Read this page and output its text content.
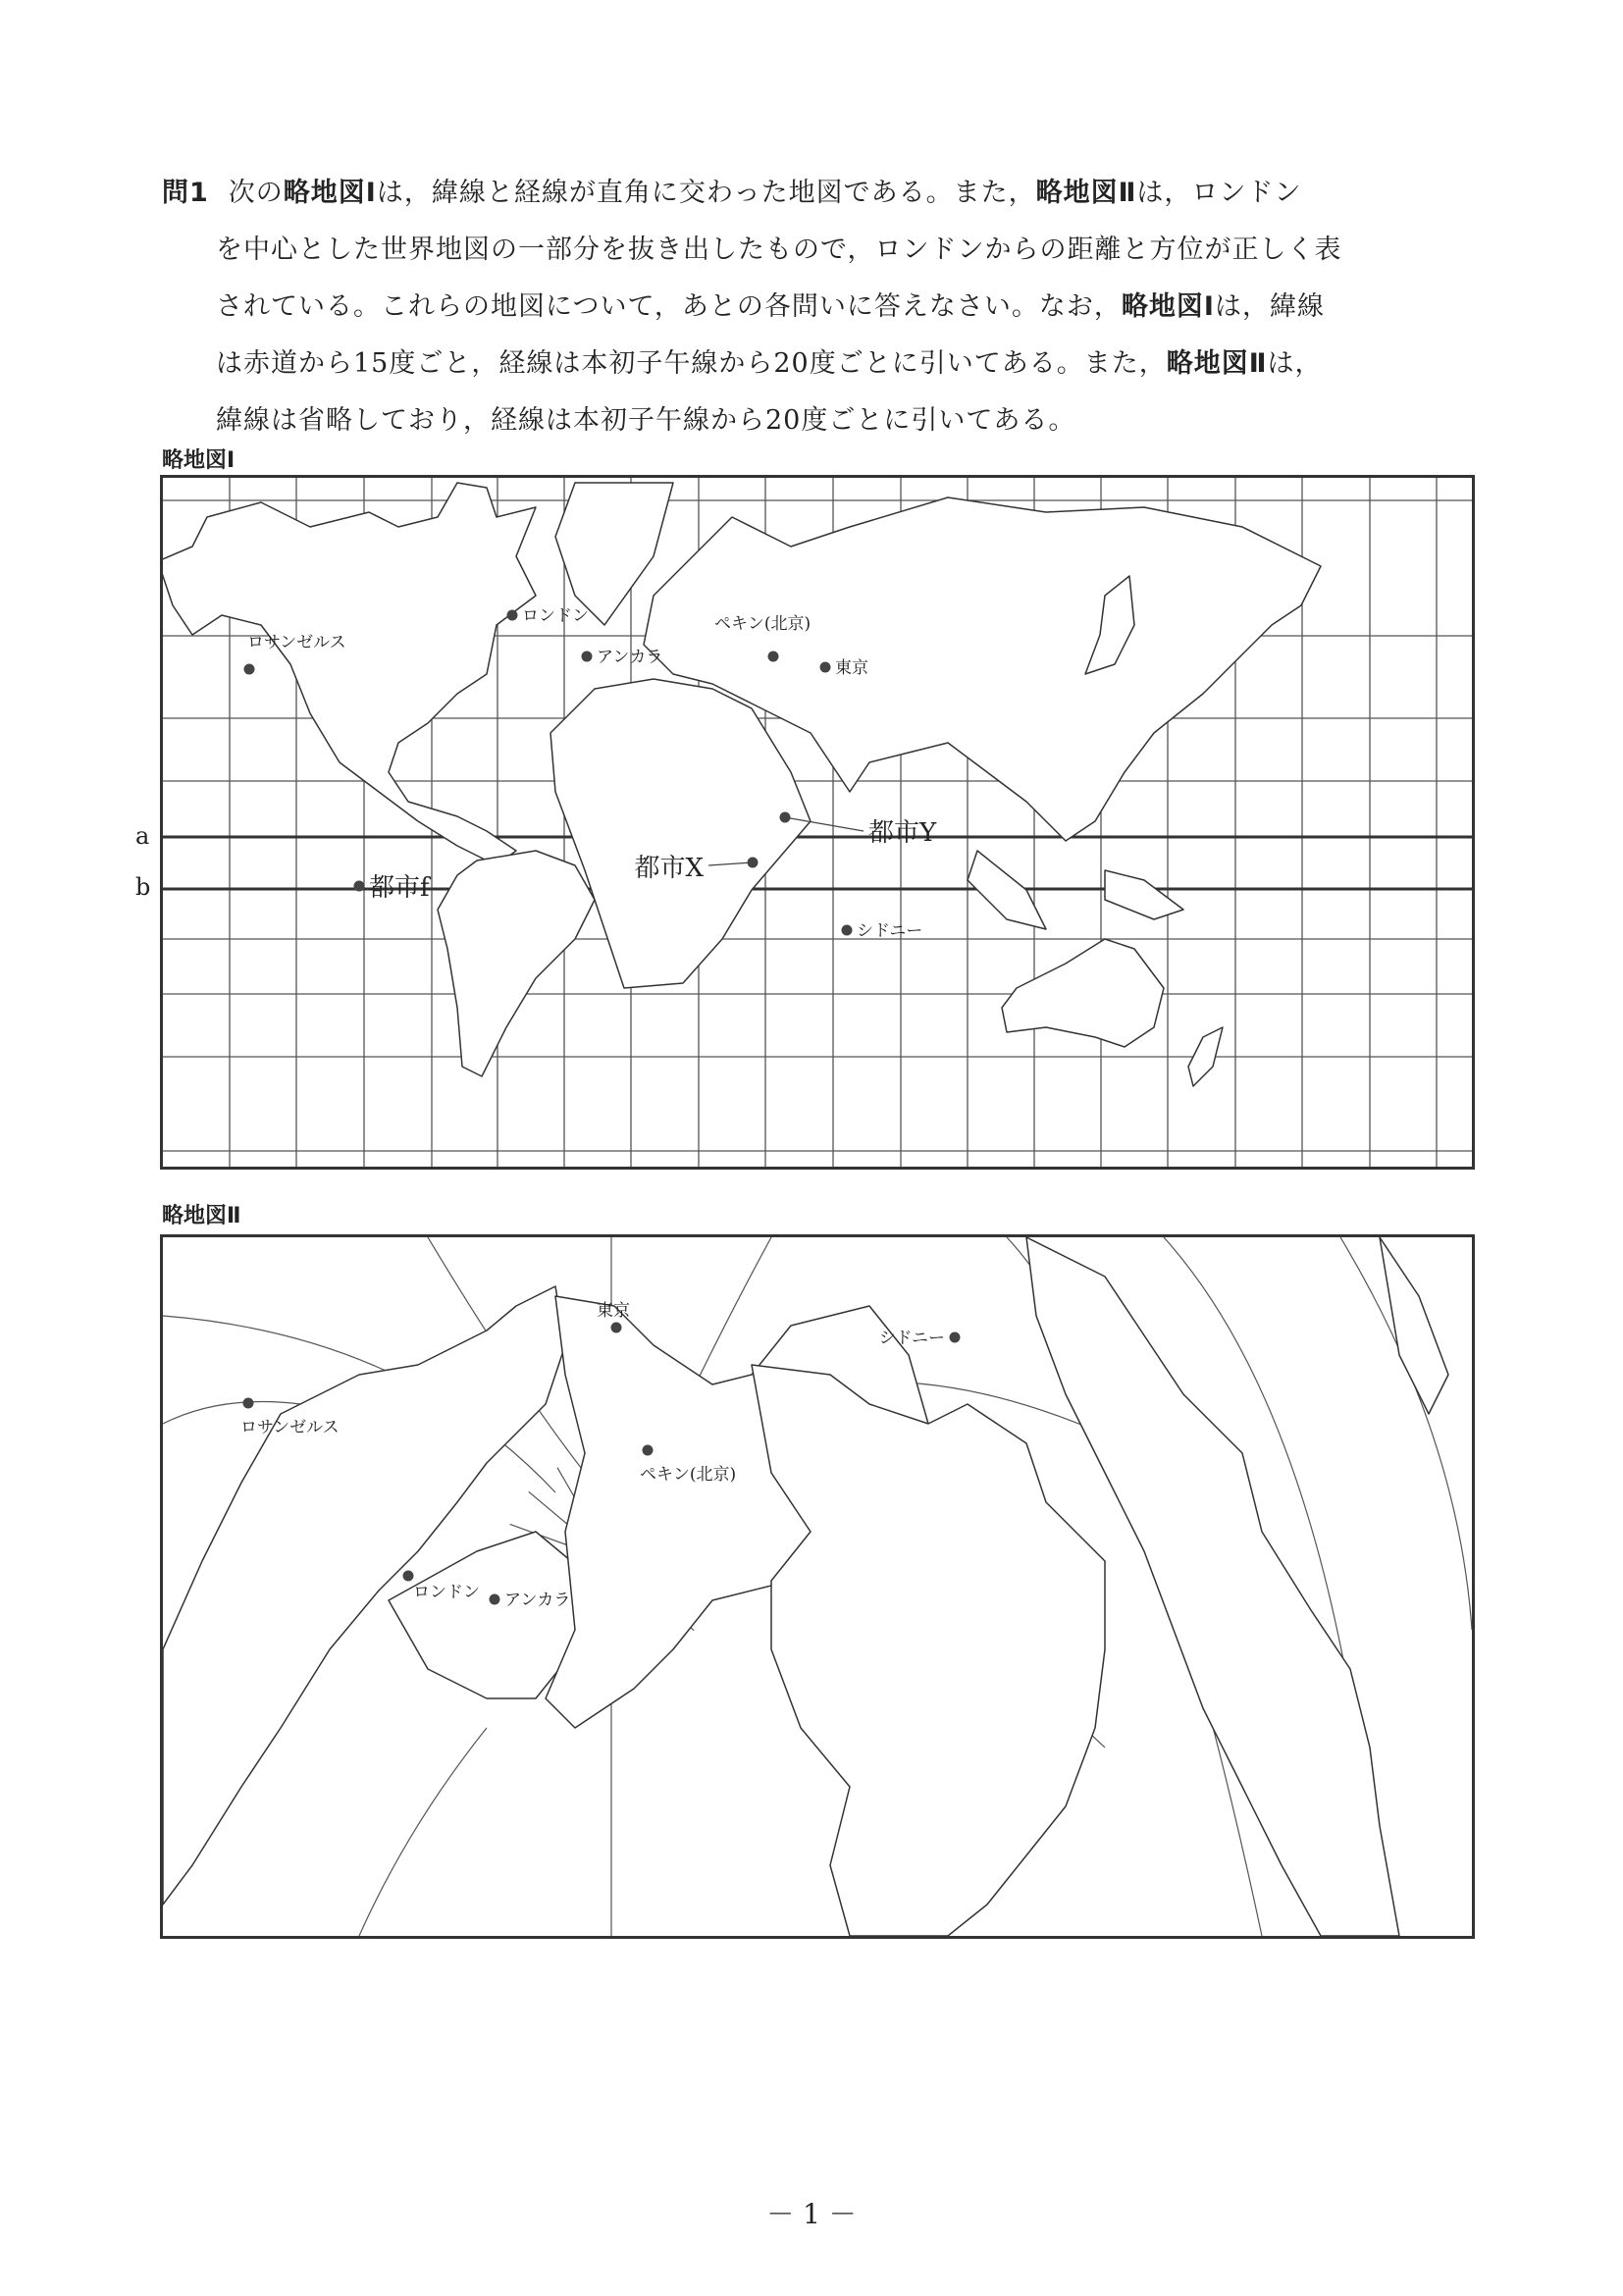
問1 次の略地図Ⅰは，緯線と経線が直角に交わった地図である。また，略地図Ⅱは，ロンドン

を中心とした世界地図の一部分を抜き出したもので，ロンドンからの距離と方位が正しく表

されている。これらの地図について，あとの各問いに答えなさい。なお，略地図Ⅰは，緯線

は赤道から15度ごと，経線は本初子午線から20度ごとに引いてある。また，略地図Ⅱは，

緯線は省略しており，経線は本初子午線から20度ごとに引いてある。

略地図Ⅰ
a
b
ロンドン
アンカラ
ペキン(北京)
東京
ロサンゼルス
都市Y
都市X
都市f
シドニー
略地図Ⅱ
東京
シドニー
ロサンゼルス
ペキン(北京)
ロンドン アンカラ
－ 1 －
